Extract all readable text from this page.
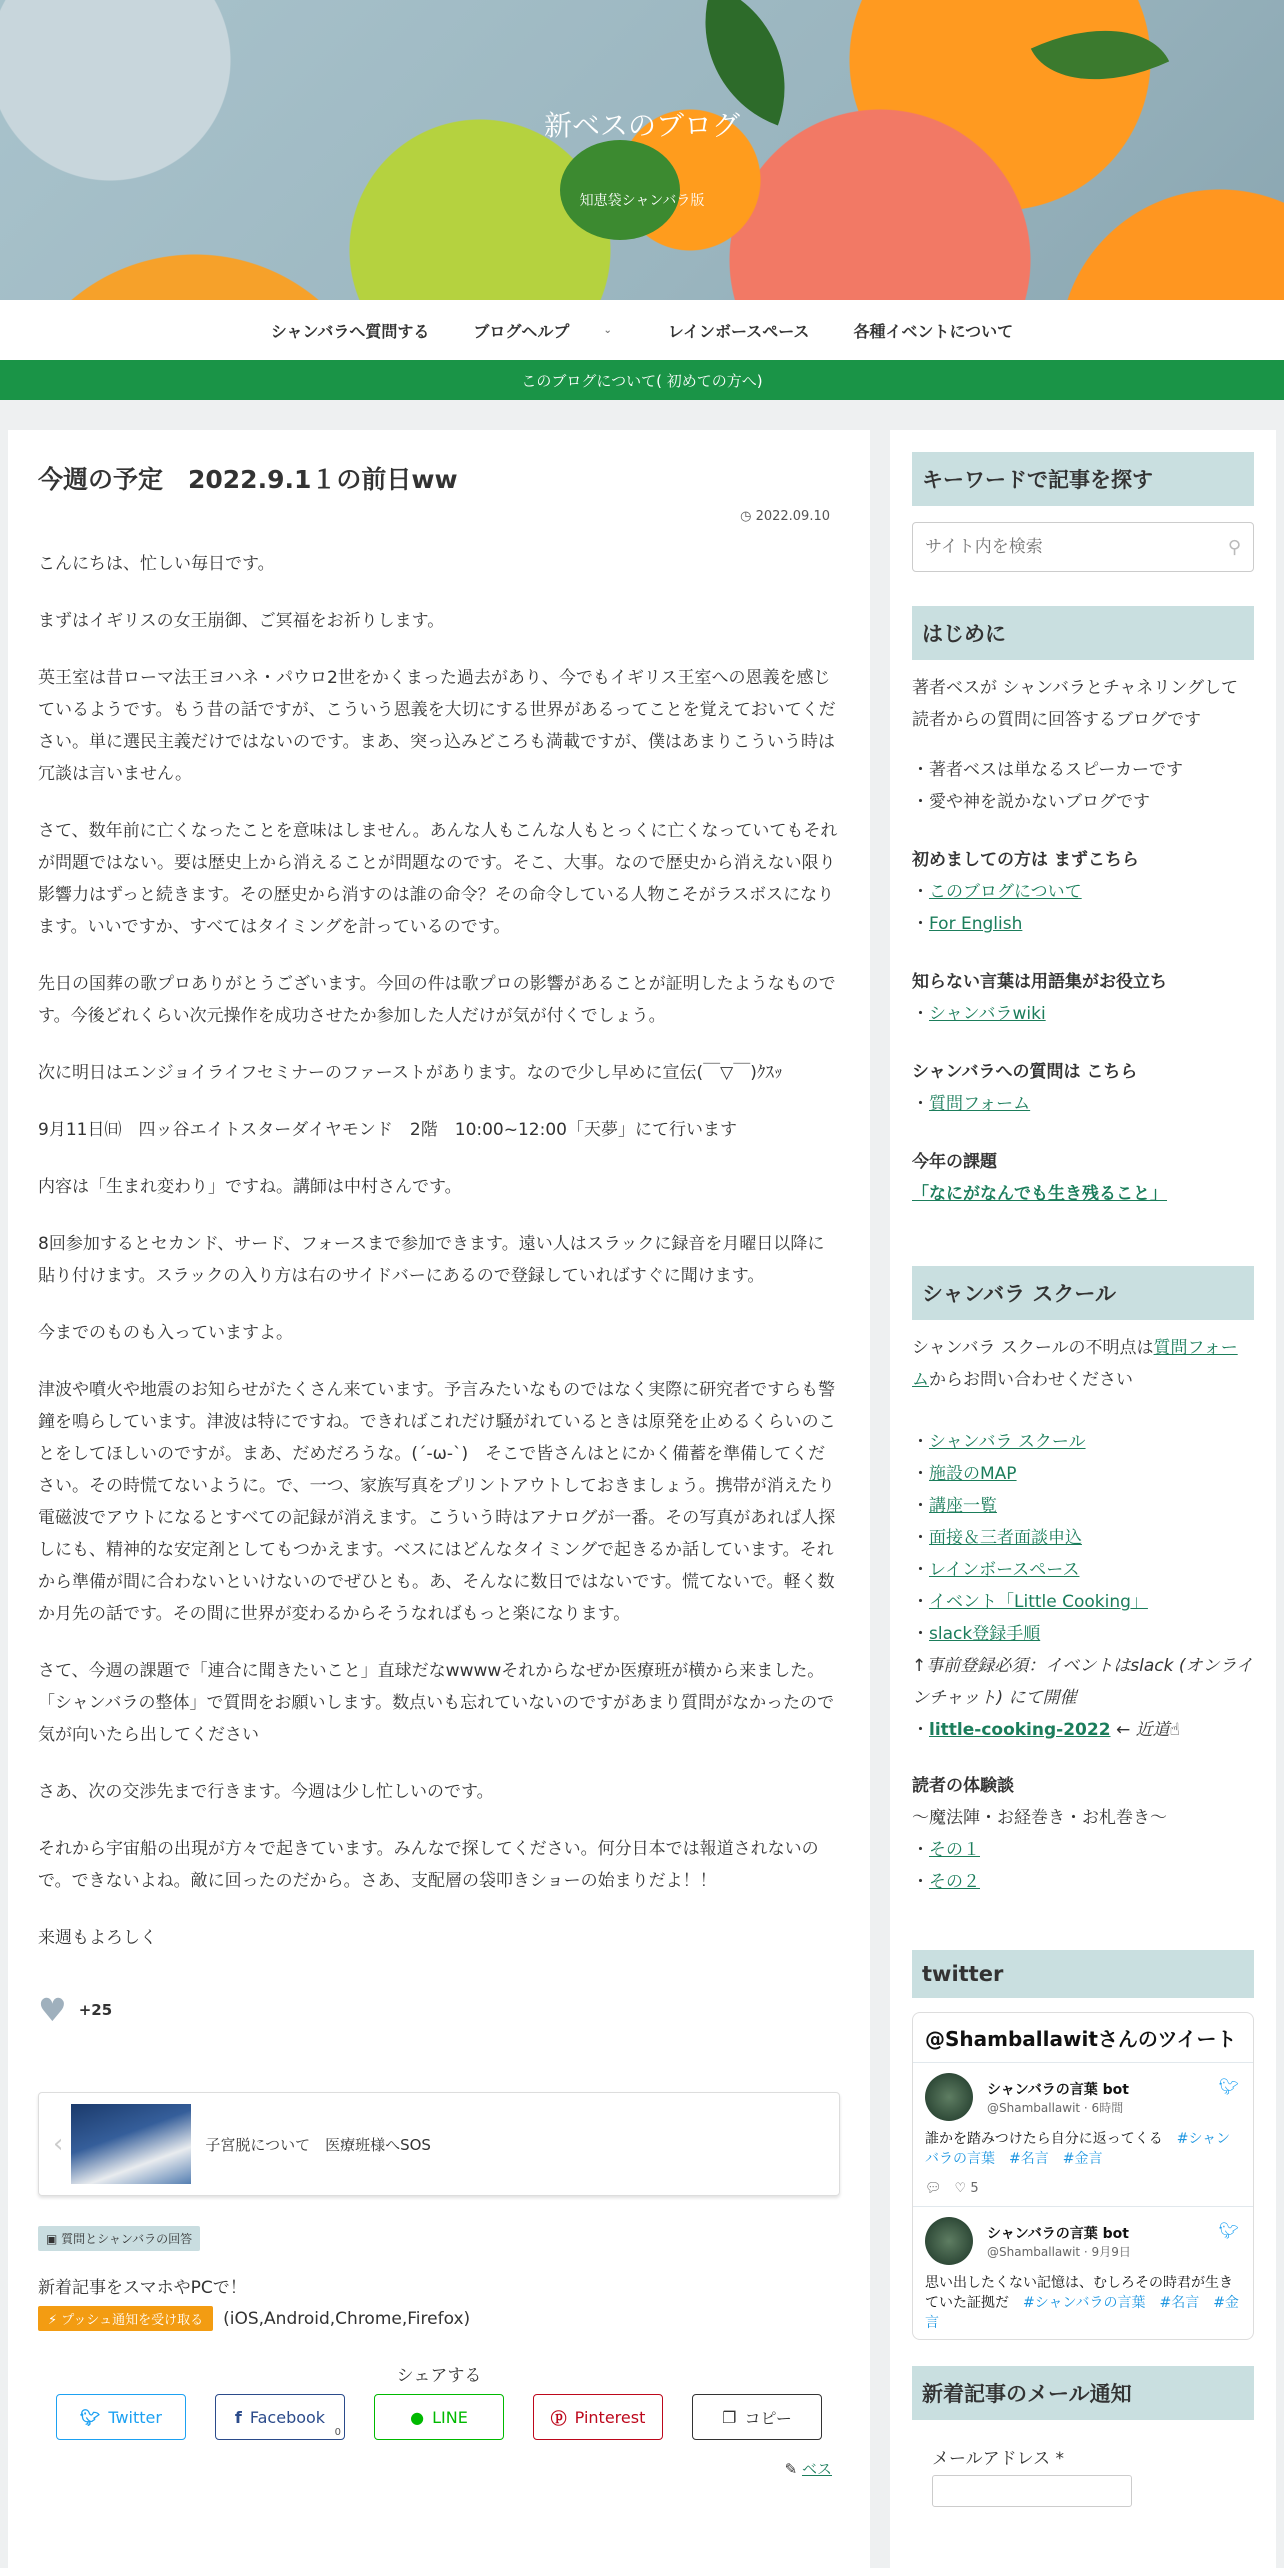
新ベスのブログ
知恵袋シャンバラ版
シャンバラへ質問する	ブログヘルプ	⌄	レインボースペース	各種イベントについて
このブログについて( 初めての方へ)
今週の予定　2022.9.1１の前日ww
◷ 2022.09.10

こんにちは、忙しい毎日です。

まずはイギリスの女王崩御、ご冥福をお祈りします。

英王室は昔ローマ法王ヨハネ・パウロ2世をかくまった過去があり、今でもイギリス王室への恩義を感じているようです。もう昔の話ですが、こういう恩義を大切にする世界があるってことを覚えておいてください。単に選民主義だけではないのです。まあ、突っ込みどころも満載ですが、僕はあまりこういう時は冗談は言いません。

さて、数年前に亡くなったことを意味はしません。あんな人もこんな人もとっくに亡くなっていてもそれが問題ではない。要は歴史上から消えることが問題なのです。そこ、大事。なので歴史から消えない限り影響力はずっと続きます。その歴史から消すのは誰の命令？その命令している人物こそがラスボスになります。いいですか、すべてはタイミングを計っているのです。

先日の国葬の歌プロありがとうございます。今回の件は歌プロの影響があることが証明したようなものです。今後どれくらい次元操作を成功させたか参加した人だけが気が付くでしょう。

次に明日はエンジョイライフセミナーのファーストがあります。なので少し早めに宣伝(￣▽￣)ｸｽｯ

9月11日㈰　四ッ谷エイトスターダイヤモンド　2階　10:00~12:00「天夢」にて行います

内容は「生まれ変わり」ですね。講師は中村さんです。

8回参加するとセカンド、サード、フォースまで参加できます。遠い人はスラックに録音を月曜日以降に貼り付けます。スラックの入り方は右のサイドバーにあるので登録していればすぐに聞けます。

今までのものも入っていますよ。

津波や噴火や地震のお知らせがたくさん来ています。予言みたいなものではなく実際に研究者ですらも警鐘を鳴らしています。津波は特にですね。できればこれだけ騒がれているときは原発を止めるくらいのことをしてほしいのですが。まあ、だめだろうな。(´-ω-`)　そこで皆さんはとにかく備蓄を準備してください。その時慌てないように。で、一つ、家族写真をプリントアウトしておきましょう。携帯が消えたり電磁波でアウトになるとすべての記録が消えます。こういう時はアナログが一番。その写真があれば人探しにも、精神的な安定剤としてもつかえます。ベスにはどんなタイミングで起きるか話しています。それから準備が間に合わないといけないのでぜひとも。あ、そんなに数日ではないです。慌てないで。軽く数か月先の話です。その間に世界が変わるからそうなればもっと楽になります。

さて、今週の課題で「連合に聞きたいこと」直球だなwwwwそれからなぜか医療班が横から来ました。「シャンバラの整体」で質問をお願いします。数点いも忘れていないのですがあまり質問がなかったので気が向いたら出してください

さあ、次の交渉先まで行きます。今週は少し忙しいのです。

それから宇宙船の出現が方々で起きています。みんなで探してください。何分日本では報道されないので。できないよね。敵に回ったのだから。さあ、支配層の袋叩きショーの始まりだよ！！

来週もよろしく

♥ +25
‹	子宮脱について　医療班様へSOS
▣ 質問とシャンバラの回答
新着記事をスマホやPCで！
⚡ プッシュ通知を受け取る	(iOS,Android,Chrome,Firefox)
シェアする
🐦︎ Twitter	f Facebook
0
● LINE	ⓟ Pinterest	❐ コピー
✎ ベス
キーワードで記事を探す
サイト内を検索
⚲
はじめに
著者ベスが シャンバラとチャネリングして 読者からの質問に回答するブログです
・著者ベスは単なるスピーカーです
・愛や神を説かないブログです
初めましての方は まずこちら
・このブログについて
・For English
知らない言葉は用語集がお役立ち
・シャンバラwiki
シャンバラへの質問は こちら
・質問フォーム
今年の課題
「なにがなんでも生き残ること」
シャンバラ スクール
シャンバラ スクールの不明点は質問フォームからお問い合わせください
・シャンバラ スクール
・施設のMAP
・講座一覧
・面接＆三者面談申込
・レインボースペース
・イベント「Little Cooking」
・slack登録手順
↑事前登録必須：イベントはslack (オンラインチャット) にて開催
・little-cooking-2022 ← 近道☝
読者の体験談
〜魔法陣・お経巻き・お札巻き〜
・その１
・その２
twitter
@Shamballawitさんのツイート
シャンバラの言葉 bot
@Shamballawit · 6時間
🐦︎
誰かを踏みつけたら自分に返ってくる　 #シャンバラの言葉　#名言　#金言
💬︎　 ♡ 5
シャンバラの言葉 bot
@Shamballawit · 9月9日
🐦︎
思い出したくない記憶は、むしろその時君が生きていた証拠だ　 #シャンバラの言葉　#名言　#金言
新着記事のメール通知
メールアドレス *
